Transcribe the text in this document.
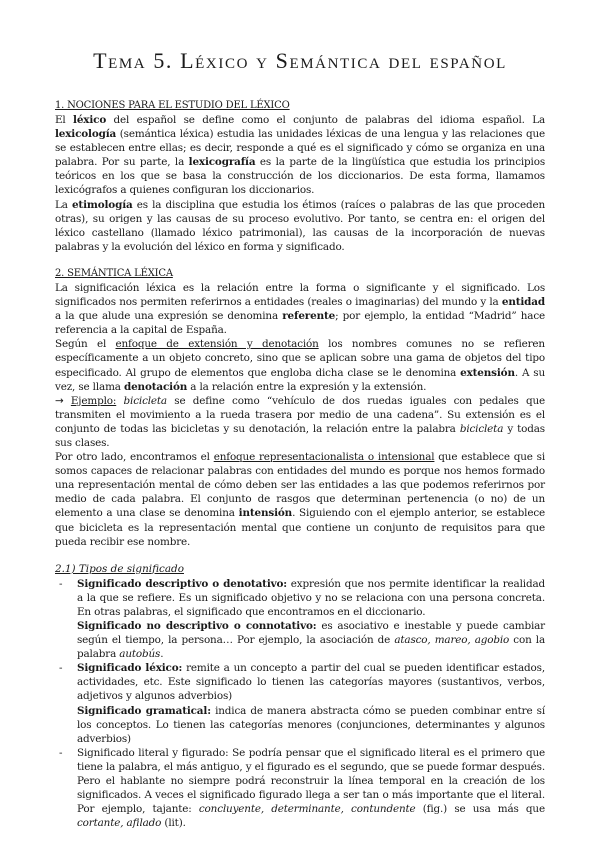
Tema 5. Léxico y Semántica del español
1. NOCIONES PARA EL ESTUDIO DEL LÉXICO

El léxico del español se define como el conjunto de palabras del idioma español. La lexicología (semántica léxica) estudia las unidades léxicas de una lengua y las relaciones que se establecen entre ellas; es decir, responde a qué es el significado y cómo se organiza en una palabra. Por su parte, la lexicografía es la parte de la lingüística que estudia los principios teóricos en los que se basa la construcción de los diccionarios. De esta forma, llamamos lexicógrafos a quienes configuran los diccionarios.

La etimología es la disciplina que estudia los étimos (raíces o palabras de las que proceden otras), su origen y las causas de su proceso evolutivo. Por tanto, se centra en: el origen del léxico castellano (llamado léxico patrimonial), las causas de la incorporación de nuevas palabras y la evolución del léxico en forma y significado.

2. SEMÁNTICA LÉXICA

La significación léxica es la relación entre la forma o significante y el significado. Los significados nos permiten referirnos a entidades (reales o imaginarias) del mundo y la entidad a la que alude una expresión se denomina referente; por ejemplo, la entidad “Madrid” hace referencia a la capital de España.

Según el enfoque de extensión y denotación los nombres comunes no se refieren específicamente a un objeto concreto, sino que se aplican sobre una gama de objetos del tipo especificado. Al grupo de elementos que engloba dicha clase se le denomina extensión. A su vez, se llama denotación a la relación entre la expresión y la extensión.

→ Ejemplo: bicicleta se define como “vehículo de dos ruedas iguales con pedales que transmiten el movimiento a la rueda trasera por medio de una cadena”. Su extensión es el conjunto de todas las bicicletas y su denotación, la relación entre la palabra bicicleta y todas sus clases.

Por otro lado, encontramos el enfoque representacionalista o intensional que establece que si somos capaces de relacionar palabras con entidades del mundo es porque nos hemos formado una representación mental de cómo deben ser las entidades a las que podemos referirnos por medio de cada palabra. El conjunto de rasgos que determinan pertenencia (o no) de un elemento a una clase se denomina intensión. Siguiendo con el ejemplo anterior, se establece que bicicleta es la representación mental que contiene un conjunto de requisitos para que pueda recibir ese nombre.

2.1) Tipos de significado
- Significado descriptivo o denotativo: expresión que nos permite identificar la realidad a la que se refiere. Es un significado objetivo y no se relaciona con una persona concreta. En otras palabras, el significado que encontramos en el diccionario.
Significado no descriptivo o connotativo: es asociativo e inestable y puede cambiar según el tiempo, la persona… Por ejemplo, la asociación de atasco, mareo, agobio con la palabra autobús.
- Significado léxico: remite a un concepto a partir del cual se pueden identificar estados, actividades, etc. Este significado lo tienen las categorías mayores (sustantivos, verbos, adjetivos y algunos adverbios)
Significado gramatical: indica de manera abstracta cómo se pueden combinar entre sí los conceptos. Lo tienen las categorías menores (conjunciones, determinantes y algunos adverbios)
- Significado literal y figurado: Se podría pensar que el significado literal es el primero que tiene la palabra, el más antiguo, y el figurado es el segundo, que se puede formar después. Pero el hablante no siempre podrá reconstruir la línea temporal en la creación de los significados. A veces el significado figurado llega a ser tan o más importante que el literal. Por ejemplo, tajante: concluyente, determinante, contundente (fig.) se usa más que cortante, afilado (lit).
